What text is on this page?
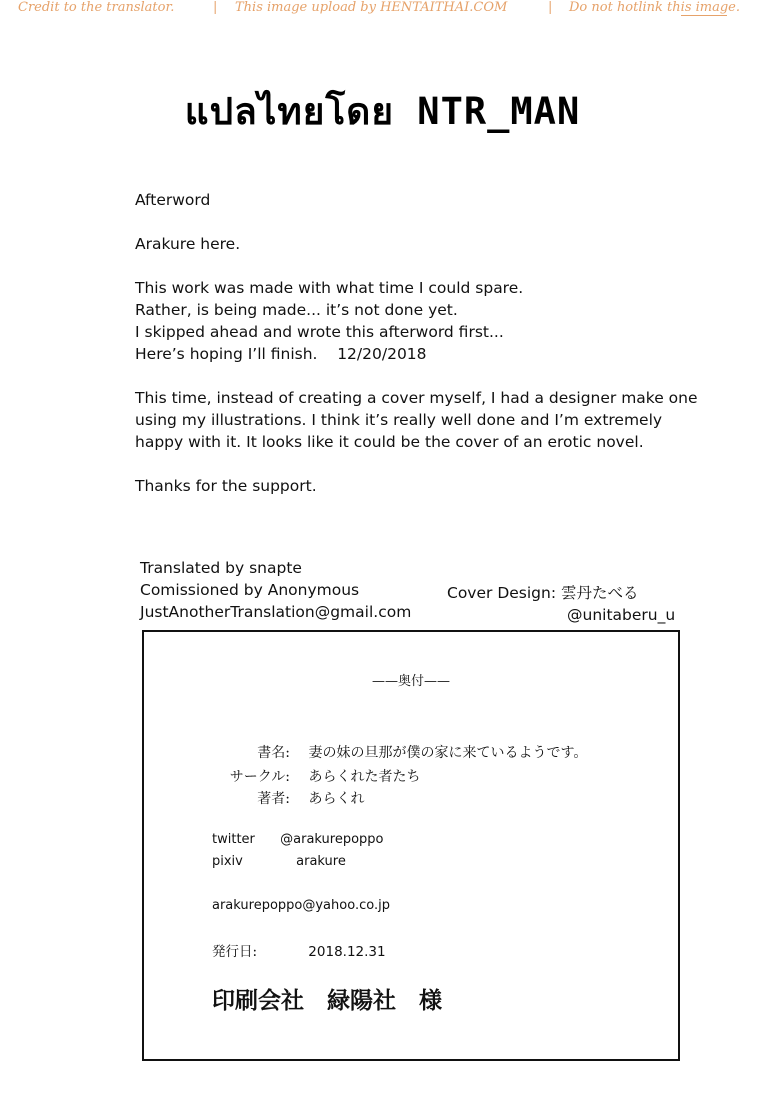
Credit to the translator.	| This image upload by HENTAITHAI.COM	| Do not hotlink this image.
แปลไทยโดย NTR_MAN
Afterword
Arakure here.
This work was made with what time I could spare.
Rather, is being made... it’s not done yet.
I skipped ahead and wrote this afterword first...
Here’s hoping I’ll finish.    12/20/2018
This time, instead of creating a cover myself, I had a designer make one
using my illustrations. I think it’s really well done and I’m extremely
happy with it. It looks like it could be the cover of an erotic novel.
Thanks for the support.
Translated by snapte
Comissioned by Anonymous
JustAnotherTranslation@gmail.com
Cover Design: 雲丹たべる
@unitaberu_u
——奥付——
書名: 妻の妹の旦那が僕の家に来ているようです。
サークル: あらくれた者たち
著者: あらくれ
twitter @arakurepoppo
pixiv	arakure
arakurepoppo@yahoo.co.jp
発行日:	2018.12.31
印刷会社　緑陽社　様
